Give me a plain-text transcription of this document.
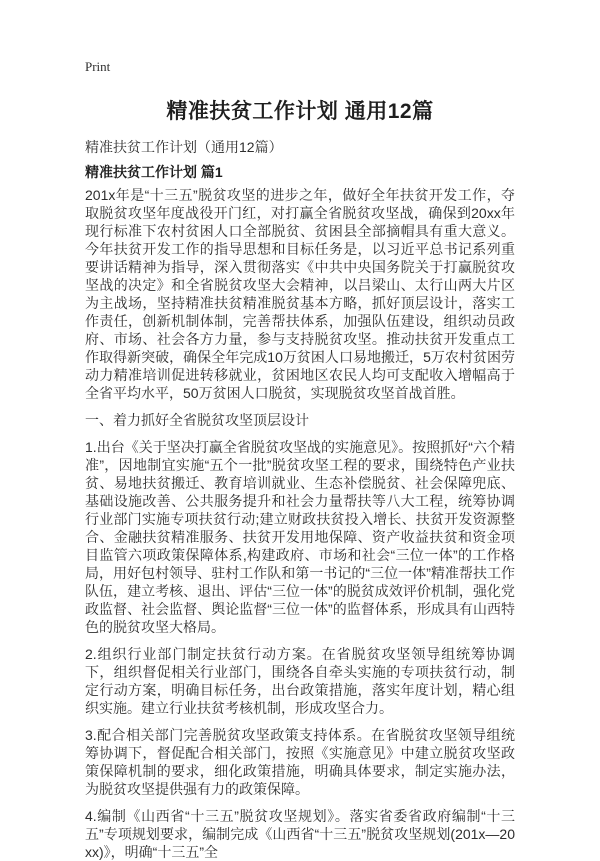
Print
精准扶贫工作计划 通用12篇

精准扶贫工作计划（通用12篇）

精准扶贫工作计划 篇1

201x年是“十三五”脱贫攻坚的进步之年，做好全年扶贫开发工作，夺取脱贫攻坚年度战役开门红，对打赢全省脱贫攻坚战，确保到20xx年现行标准下农村贫困人口全部脱贫、贫困县全部摘帽具有重大意义。今年扶贫开发工作的指导思想和目标任务是，以习近平总书记系列重要讲话精神为指导，深入贯彻落实《中共中央国务院关于打赢脱贫攻坚战的决定》和全省脱贫攻坚大会精神，以吕梁山、太行山两大片区为主战场，坚持精准扶贫精准脱贫基本方略，抓好顶层设计，落实工作责任，创新机制体制，完善帮扶体系，加强队伍建设，组织动员政府、市场、社会各方力量，参与支持脱贫攻坚。推动扶贫开发重点工作取得新突破，确保全年完成10万贫困人口易地搬迁，5万农村贫困劳动力精准培训促进转移就业，贫困地区农民人均可支配收入增幅高于全省平均水平，50万贫困人口脱贫，实现脱贫攻坚首战首胜。

一、着力抓好全省脱贫攻坚顶层设计

1.出台《关于坚决打赢全省脱贫攻坚战的实施意见》。按照抓好“六个精准”，因地制宜实施“五个一批”脱贫攻坚工程的要求，围绕特色产业扶贫、易地扶贫搬迁、教育培训就业、生态补偿脱贫、社会保障兜底、基础设施改善、公共服务提升和社会力量帮扶等八大工程，统筹协调行业部门实施专项扶贫行动;建立财政扶贫投入增长、扶贫开发资源整合、金融扶贫精准服务、扶贫开发用地保障、资产收益扶贫和资金项目监管六项政策保障体系,构建政府、市场和社会“三位一体”的工作格局，用好包村领导、驻村工作队和第一书记的“三位一体”精准帮扶工作队伍，建立考核、退出、评估“三位一体”的脱贫成效评价机制，强化党政监督、社会监督、舆论监督“三位一体”的监督体系，形成具有山西特色的脱贫攻坚大格局。

2.组织行业部门制定扶贫行动方案。在省脱贫攻坚领导组统筹协调下，组织督促相关行业部门，围绕各自牵头实施的专项扶贫行动，制定行动方案，明确目标任务，出台政策措施，落实年度计划，精心组织实施。建立行业扶贫考核机制，形成攻坚合力。

3.配合相关部门完善脱贫攻坚政策支持体系。在省脱贫攻坚领导组统筹协调下，督促配合相关部门，按照《实施意见》中建立脱贫攻坚政策保障机制的要求，细化政策措施，明确具体要求，制定实施办法，为脱贫攻坚提供强有力的政策保障。

4.编制《山西省“十三五”脱贫攻坚规划》。落实省委省政府编制“十三五”专项规划要求，编制完成《山西省“十三五”脱贫攻坚规划(201x—20xx)》，明确“十三五”全
